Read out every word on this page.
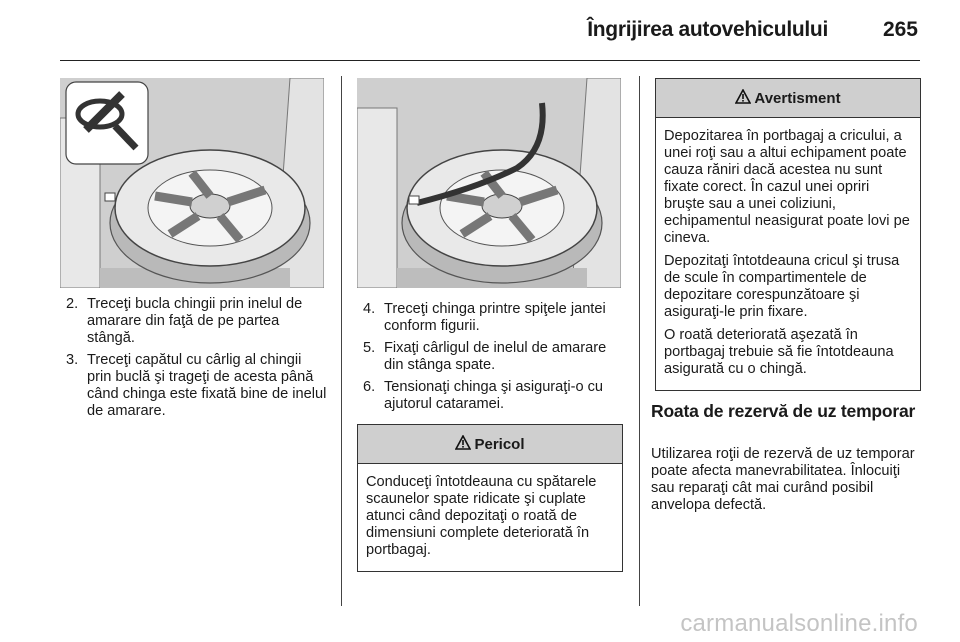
Îngrijirea autovehiculului	265
2. Treceţi bucla chingii prin inelul de amarare din faţă de pe partea stângă.
3. Treceţi capătul cu cârlig al chingii prin buclă şi trageţi de acesta până când chinga este fixată bine de inelul de amarare.
4. Treceţi chinga printre spiţele jantei conform figurii.
5. Fixaţi cârligul de inelul de amarare din stânga spate.
6. Tensionaţi chinga şi asiguraţi-o cu ajutorul cataramei.
Pericol

Conduceţi întotdeauna cu spătarele scaunelor spate ridicate şi cuplate atunci când depozitaţi o roată de dimensiuni complete deteriorată în portbagaj.

Avertisment

Depozitarea în portbagaj a cricului, a unei roţi sau a altui echipament poate cauza răniri dacă acestea nu sunt fixate corect. În cazul unei opriri bruşte sau a unei coliziuni, echipamentul neasigurat poate lovi pe cineva.

Depozitaţi întotdeauna cricul şi trusa de scule în compartimentele de depozitare corespunzătoare şi asiguraţi-le prin fixare.

O roată deteriorată aşezată în portbagaj trebuie să fie întotdeauna asigurată cu o chingă.

Roata de rezervă de uz temporar

Utilizarea roţii de rezervă de uz temporar poate afecta manevrabilitatea. Înlocuiţi sau reparaţi cât mai curând posibil anvelopa defectă.

carmanualsonline.info
